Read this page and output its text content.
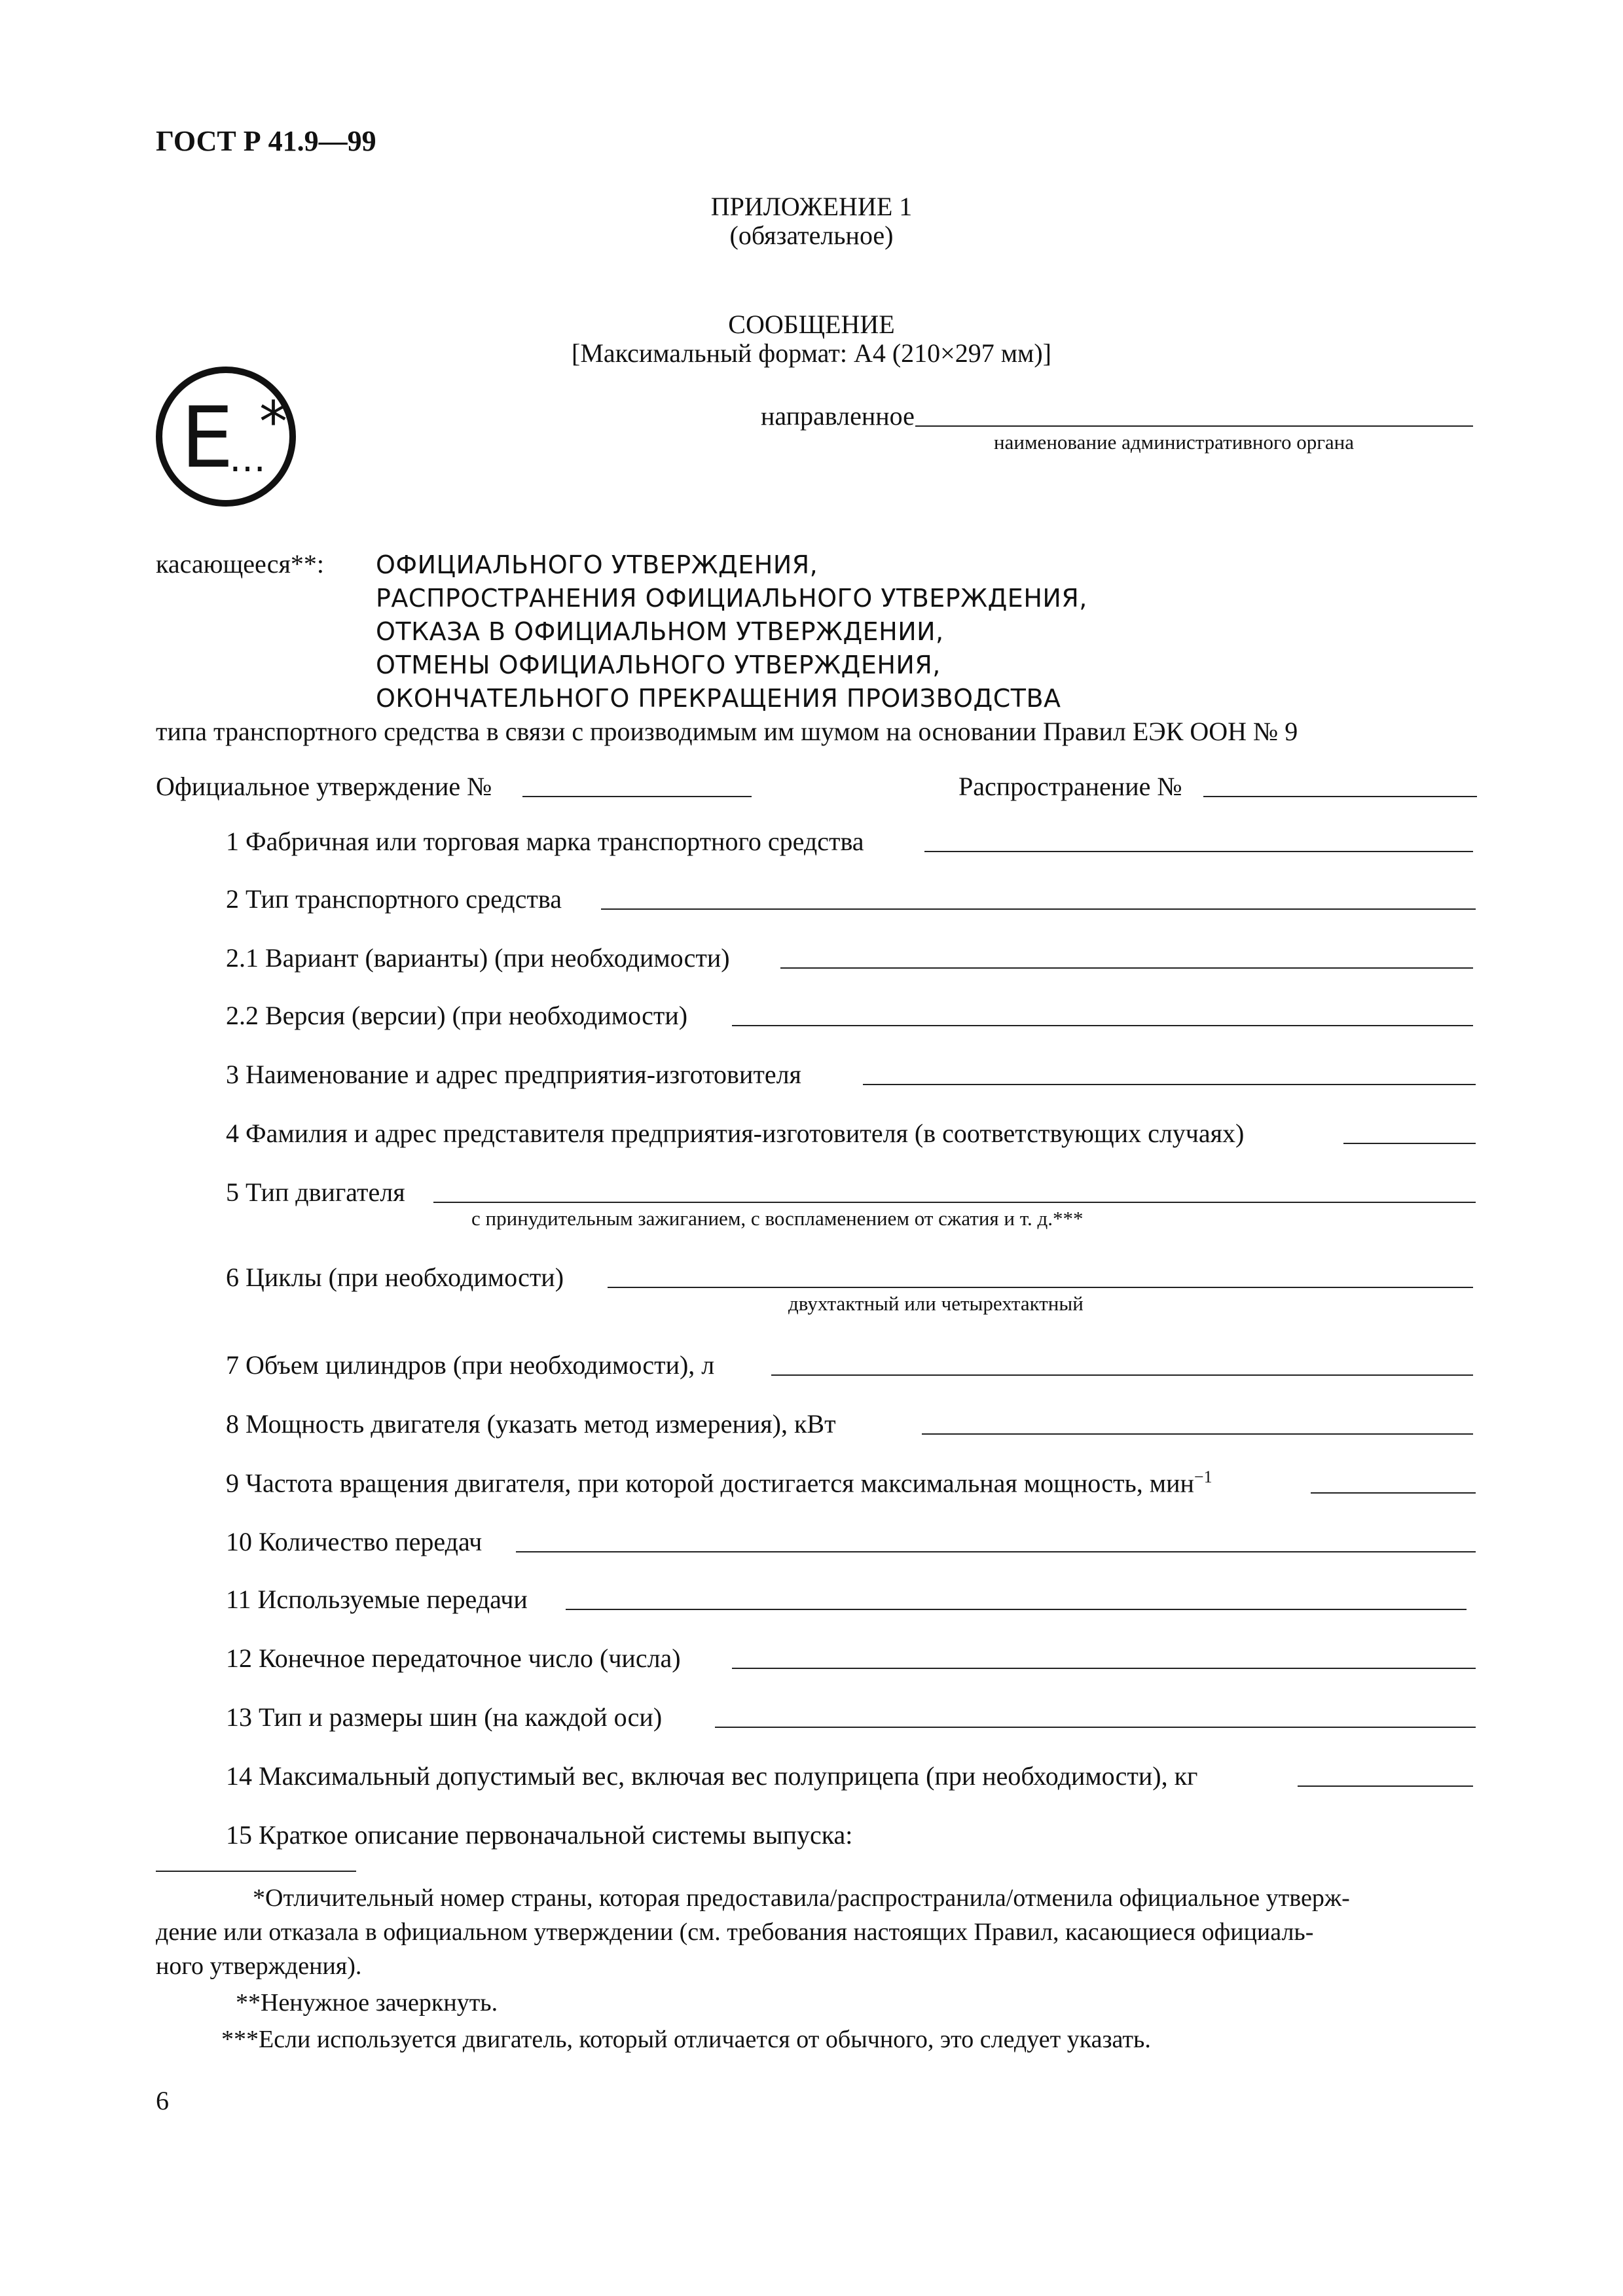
ГОСТ Р 41.9—99
ПРИЛОЖЕНИЕ 1
(обязательное)
СООБЩЕНИЕ
[Максимальный формат: А4 (210×297 мм)]
E
…
*	направленное
наименование административного органа
касающееся**: ОФИЦИАЛЬНОГО УТВЕРЖДЕНИЯ,
РАСПРОСТРАНЕНИЯ ОФИЦИАЛЬНОГО УТВЕРЖДЕНИЯ,
ОТКАЗА В ОФИЦИАЛЬНОМ УТВЕРЖДЕНИИ,
ОТМЕНЫ ОФИЦИАЛЬНОГО УТВЕРЖДЕНИЯ,
ОКОНЧАТЕЛЬНОГО ПРЕКРАЩЕНИЯ ПРОИЗВОДСТВА
типа транспортного средства в связи с производимым им шумом на основании Правил ЕЭК ООН № 9
Официальное утверждение №	Распространение №
1 Фабричная или торговая марка транспортного средства
2 Тип транспортного средства
2.1 Вариант (варианты) (при необходимости)
2.2 Версия (версии) (при необходимости)
3 Наименование и адрес предприятия-изготовителя
4 Фамилия и адрес представителя предприятия-изготовителя (в соответствующих случаях)
5 Тип двигателя
с принудительным зажиганием, с воспламенением от сжатия и т. д.***
6 Циклы (при необходимости)
двухтактный или четырехтактный
7 Объем цилиндров (при необходимости), л
8 Мощность двигателя (указать метод измерения), кВт
9 Частота вращения двигателя, при которой достигается максимальная мощность, мин$^{-1}$
10 Количество передач
11 Используемые передачи
12 Конечное передаточное число (числа)
13 Тип и размеры шин (на каждой оси)
14 Максимальный допустимый вес, включая вес полуприцепа (при необходимости), кг
15 Краткое описание первоначальной системы выпуска:
*Отличительный номер страны, которая предоставила/распространила/отменила официальное утверж-
дение или отказала в официальном утверждении (см. требования настоящих Правил, касающиеся официаль-
ного утверждения).
**Ненужное зачеркнуть.
***Если используется двигатель, который отличается от обычного, это следует указать.
6
